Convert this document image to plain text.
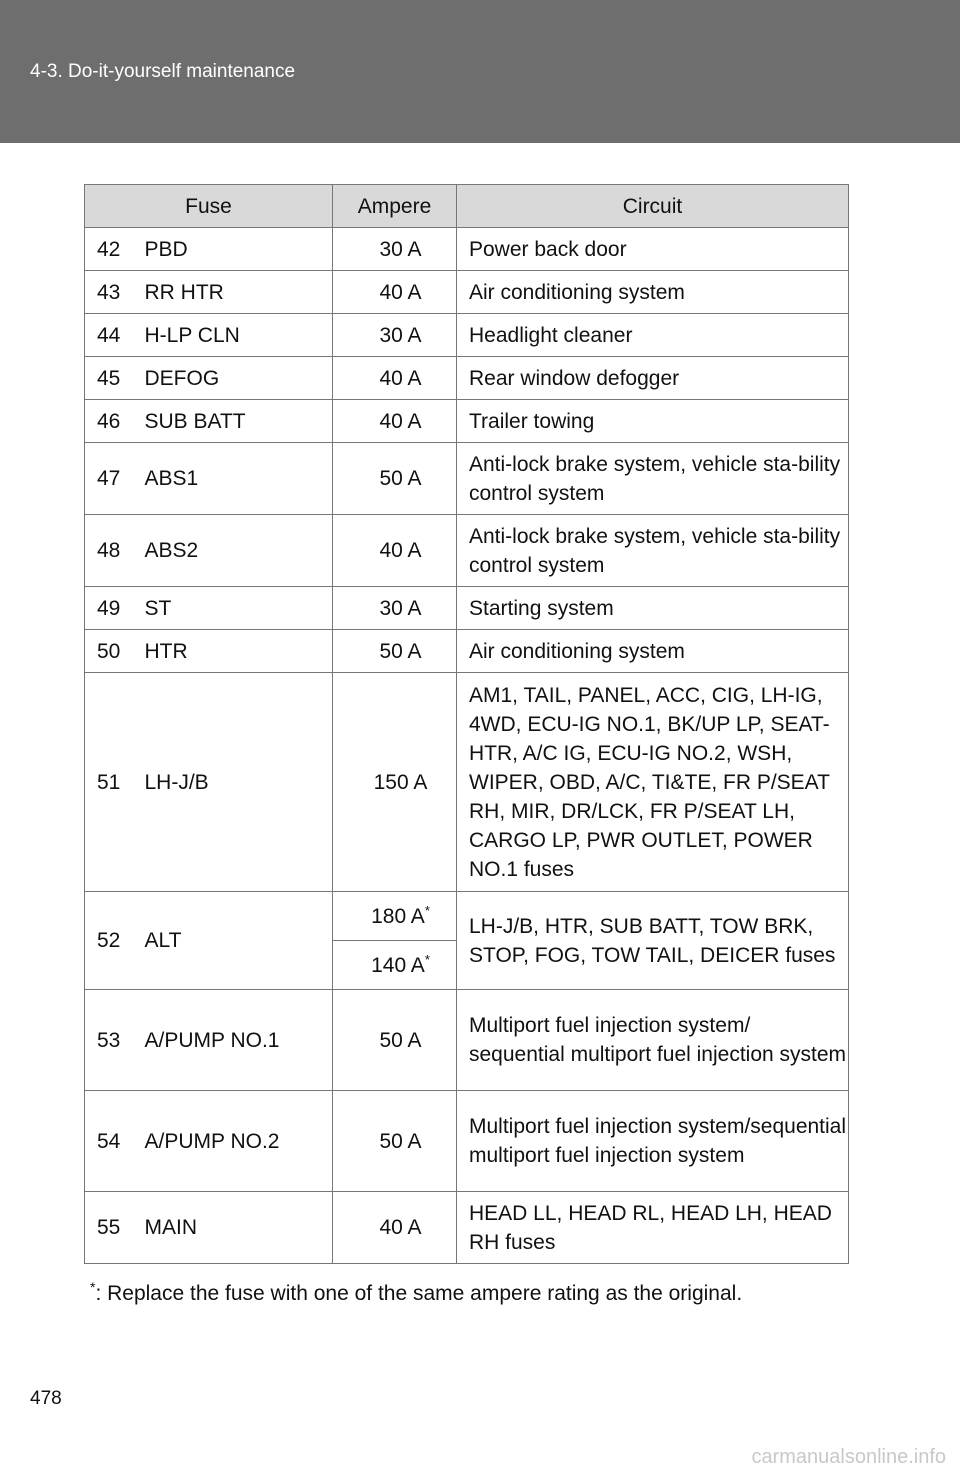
4-3. Do-it-yourself maintenance
Fuse		Ampere	Circuit
42	PBD	30 A	Power back door
43	RR HTR	40 A	Air conditioning system
44	H-LP CLN	30 A	Headlight cleaner
45	DEFOG	40 A	Rear window defogger
46	SUB BATT	40 A	Trailer towing
47	ABS1	50 A	Anti-lock brake system, vehicle sta-bility control system
48	ABS2	40 A	Anti-lock brake system, vehicle sta-bility control system
49	ST	30 A	Starting system
50	HTR	50 A	Air conditioning system
51	LH-J/B	150 A	AM1, TAIL, PANEL, ACC, CIG, LH-IG, 4WD, ECU-IG NO.1, BK/UP LP, SEAT-HTR, A/C IG, ECU-IG NO.2, WSH, WIPER, OBD, A/C, TI&TE, FR P/SEAT RH, MIR, DR/LCK, FR P/SEAT LH, CARGO LP, PWR OUTLET, POWER NO.1 fuses
52	ALT	180 A*	LH-J/B, HTR, SUB BATT, TOW BRK, STOP, FOG, TOW TAIL, DEICER fuses
		140 A*
53	A/PUMP NO.1	50 A	Multiport fuel injection system/ sequential multiport fuel injection system
54	A/PUMP NO.2	50 A	Multiport fuel injection system/sequential multiport fuel injection system
55	MAIN	40 A	HEAD LL, HEAD RL, HEAD LH, HEAD RH fuses
*: Replace the fuse with one of the same ampere rating as the original.
478
carmanualsonline.info
